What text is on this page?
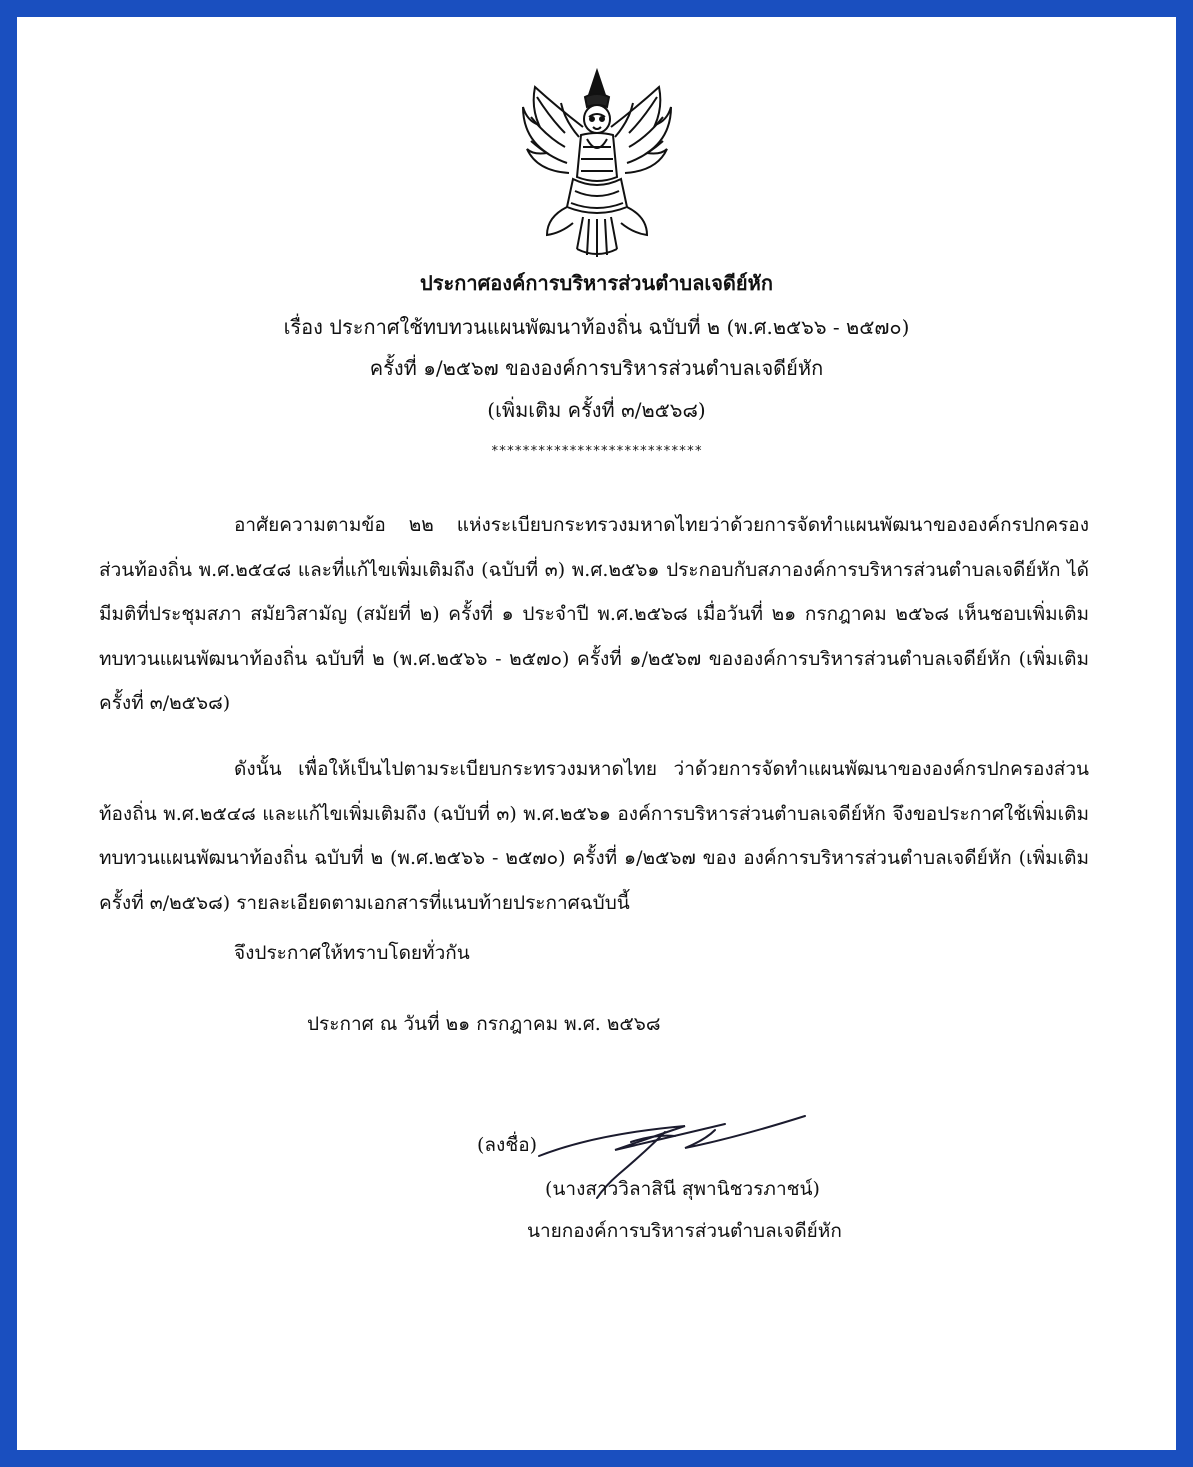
ประกาศองค์การบริหารส่วนตำบลเจดีย์หัก
เรื่อง ประกาศใช้ทบทวนแผนพัฒนาท้องถิ่น ฉบับที่ ๒ (พ.ศ.๒๕๖๖ - ๒๕๗๐)
ครั้งที่ ๑/๒๕๖๗ ขององค์การบริหารส่วนตำบลเจดีย์หัก
(เพิ่มเติม ครั้งที่ ๓/๒๕๖๘)
***************************

อาศัยความตามข้อ ๒๒ แห่งระเบียบกระทรวงมหาดไทยว่าด้วยการจัดทำแผนพัฒนาขององค์กรปกครองส่วนท้องถิ่น พ.ศ.๒๕๔๘ และที่แก้ไขเพิ่มเติมถึง (ฉบับที่ ๓) พ.ศ.๒๕๖๑ ประกอบกับสภาองค์การบริหารส่วนตำบลเจดีย์หัก ได้มีมติที่ประชุมสภา สมัยวิสามัญ (สมัยที่ ๒) ครั้งที่ ๑ ประจำปี พ.ศ.๒๕๖๘ เมื่อวันที่ ๒๑ กรกฎาคม ๒๕๖๘ เห็นชอบเพิ่มเติม ทบทวนแผนพัฒนาท้องถิ่น ฉบับที่ ๒ (พ.ศ.๒๕๖๖ - ๒๕๗๐) ครั้งที่ ๑/๒๕๖๗ ขององค์การบริหารส่วนตำบลเจดีย์หัก (เพิ่มเติม ครั้งที่ ๓/๒๕๖๘)

ดังนั้น เพื่อให้เป็นไปตามระเบียบกระทรวงมหาดไทย ว่าด้วยการจัดทำแผนพัฒนาขององค์กรปกครองส่วนท้องถิ่น พ.ศ.๒๕๔๘ และแก้ไขเพิ่มเติมถึง (ฉบับที่ ๓) พ.ศ.๒๕๖๑ องค์การบริหารส่วนตำบลเจดีย์หัก จึงขอประกาศใช้เพิ่มเติม ทบทวนแผนพัฒนาท้องถิ่น ฉบับที่ ๒ (พ.ศ.๒๕๖๖ - ๒๕๗๐) ครั้งที่ ๑/๒๕๖๗ ของ องค์การบริหารส่วนตำบลเจดีย์หัก (เพิ่มเติม ครั้งที่ ๓/๒๕๖๘) รายละเอียดตามเอกสารที่แนบท้ายประกาศฉบับนี้

จึงประกาศให้ทราบโดยทั่วกัน
ประกาศ ณ วันที่ ๒๑ กรกฎาคม พ.ศ. ๒๕๖๘
(ลงชื่อ)
(นางสาววิลาสินี สุพานิชวรภาชน์)
นายกองค์การบริหารส่วนตำบลเจดีย์หัก
